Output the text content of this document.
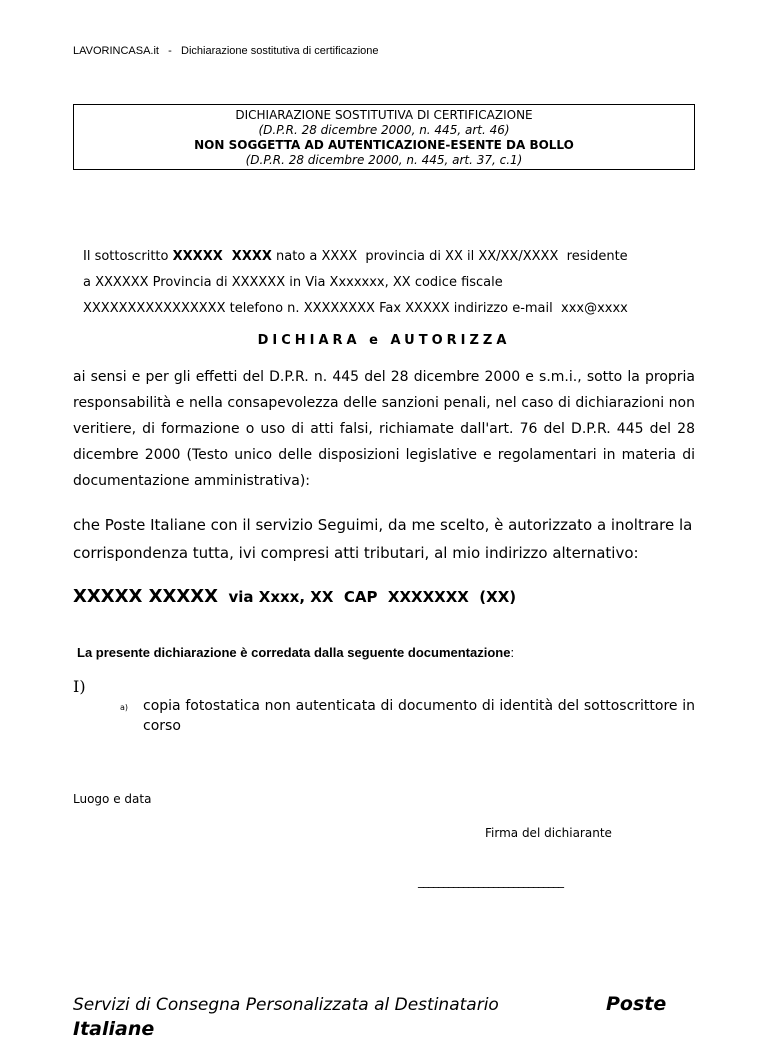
LAVORINCASA.it - Dichiarazione sostitutiva di certificazione
DICHIARAZIONE SOSTITUTIVA DI CERTIFICAZIONE
(D.P.R. 28 dicembre 2000, n. 445, art. 46)
NON SOGGETTA AD AUTENTICAZIONE-ESENTE DA BOLLO
(D.P.R. 28 dicembre 2000, n. 445, art. 37, c.1)
Il sottoscritto XXXXX  XXXX nato a XXXX  provincia di XX il XX/XX/XXXX  residente
a XXXXXX Provincia di XXXXXX in Via Xxxxxxx, XX codice fiscale
XXXXXXXXXXXXXXXX telefono n. XXXXXXXX Fax XXXXX indirizzo e-mail  xxx@xxxx
DICHIARA e AUTORIZZA
ai sensi e per gli effetti del D.P.R. n. 445 del 28 dicembre 2000 e s.m.i., sotto la propria responsabilità e nella consapevolezza delle sanzioni penali, nel caso di dichiarazioni non veritiere, di formazione o uso di atti falsi, richiamate dall'art. 76 del D.P.R. 445 del 28 dicembre 2000 (Testo unico delle disposizioni legislative e regolamentari in materia di documentazione amministrativa):
che Poste Italiane con il servizio Seguimi, da me scelto, è autorizzato a inoltrare la corrispondenza tutta, ivi compresi atti tributari, al mio indirizzo alternativo:
XXXXX XXXXX  via Xxxx, XX  CAP  XXXXXXX  (XX)
La presente dichiarazione è corredata dalla seguente documentazione:
I)
a) copia fotostatica non autenticata di documento di identità del sottoscrittore in corso
Luogo e data
Firma del dichiarante
_____________________________
Servizi di Consegna Personalizzata al Destinatario	Poste
Italiane
